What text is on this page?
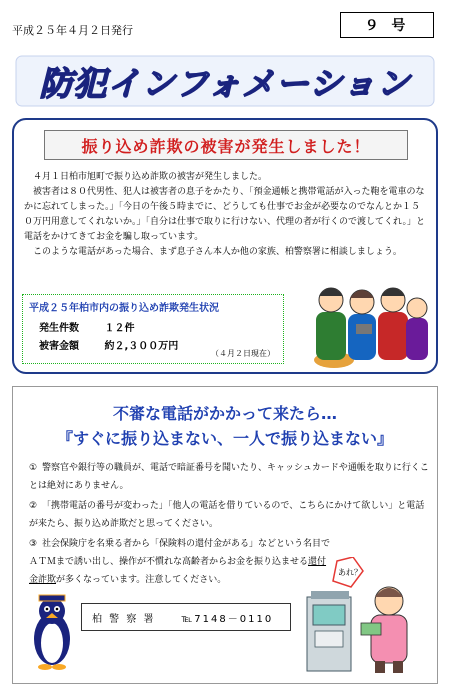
平成２５年４月２日発行	９ 号
防犯インフォメーション
振り込め詐欺の被害が発生しました！

４月１日柏市旭町で振り込め詐欺の被害が発生しました。

被害者は８０代男性、犯人は被害者の息子をかたり、「預金通帳と携帯電話が入った鞄を電車のなかに忘れてしまった。」「今日の午後５時までに、どうしても仕事でお金が必要なのでなんとか１５０万円用意してくれないか。」「自分は仕事で取りに行けない、代理の者が行くので渡してくれ。」と電話をかけてきてお金を騙し取っています。

このような電話があった場合、まず息子さん本人か他の家族、柏警察署に相談しましょう。

平成２５年柏市内の振り込め詐欺発生状況
発生件数	１２件
被害金額	約２,３００万円
（４月２日現在）
不審な電話がかかって来たら…
『すぐに振り込まない、一人で振り込まない』
① 警察官や銀行等の職員が、電話で暗証番号を聞いたり、キャッシュカードや通帳を取りに行くことは絶対にありません。
② 「携帯電話の番号が変わった」「他人の電話を借りているので、こちらにかけて欲しい」と電話が来たら、振り込め詐欺だと思ってください。
③ 社会保険庁を名乗る者から「保険料の還付金がある」などという名目でＡＴＭまで誘い出し、操作が不慣れな高齢者からお金を振り込ませる還付金詐欺が多くなっています。注意してください。
柏 警 察 署	℡7148－0110
あれ？
